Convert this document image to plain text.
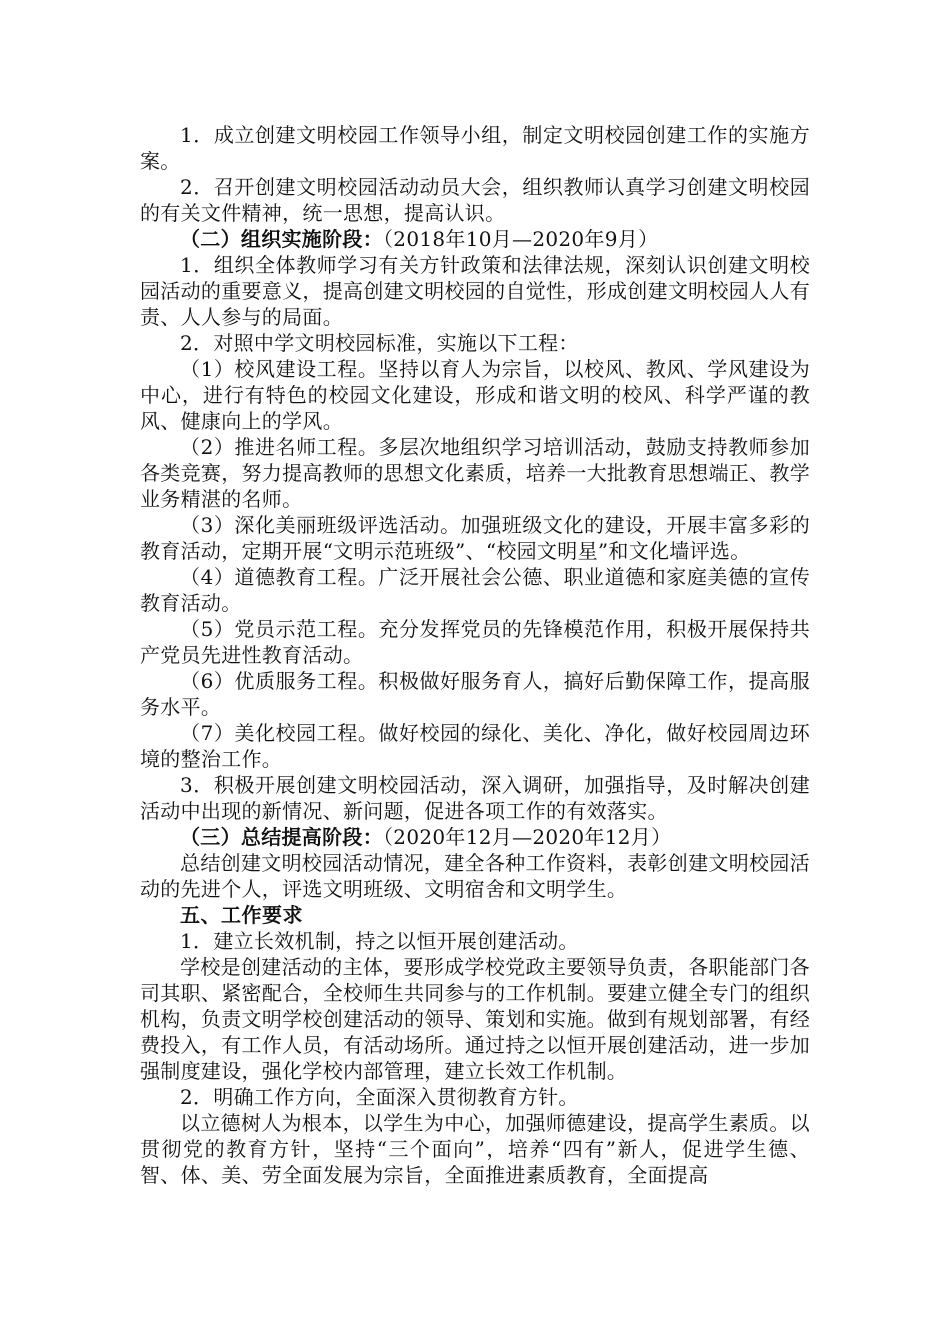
1．成立创建文明校园工作领导小组，制定文明校园创建工作的实施方案。

2．召开创建文明校园活动动员大会，组织教师认真学习创建文明校园的有关文件精神，统一思想，提高认识。

（二）组织实施阶段：（2018年10月—2020年9月）

1．组织全体教师学习有关方针政策和法律法规，深刻认识创建文明校园活动的重要意义，提高创建文明校园的自觉性，形成创建文明校园人人有责、人人参与的局面。

2．对照中学文明校园标准，实施以下工程：

（1）校风建设工程。坚持以育人为宗旨，以校风、教风、学风建设为中心，进行有特色的校园文化建设，形成和谐文明的校风、科学严谨的教风、健康向上的学风。

（2）推进名师工程。多层次地组织学习培训活动，鼓励支持教师参加各类竞赛，努力提高教师的思想文化素质，培养一大批教育思想端正、教学业务精湛的名师。

（3）深化美丽班级评选活动。加强班级文化的建设，开展丰富多彩的教育活动，定期开展“文明示范班级”、“校园文明星”和文化墙评选。

（4）道德教育工程。广泛开展社会公德、职业道德和家庭美德的宣传教育活动。

（5）党员示范工程。充分发挥党员的先锋模范作用，积极开展保持共产党员先进性教育活动。

（6）优质服务工程。积极做好服务育人，搞好后勤保障工作，提高服务水平。

（7）美化校园工程。做好校园的绿化、美化、净化，做好校园周边环境的整治工作。

3．积极开展创建文明校园活动，深入调研，加强指导，及时解决创建活动中出现的新情况、新问题，促进各项工作的有效落实。

（三）总结提高阶段：（2020年12月—2020年12月）

总结创建文明校园活动情况，建全各种工作资料，表彰创建文明校园活动的先进个人，评选文明班级、文明宿舍和文明学生。

五、工作要求

1．建立长效机制，持之以恒开展创建活动。

学校是创建活动的主体，要形成学校党政主要领导负责，各职能部门各司其职、紧密配合，全校师生共同参与的工作机制。要建立健全专门的组织机构，负责文明学校创建活动的领导、策划和实施。做到有规划部署，有经费投入，有工作人员，有活动场所。通过持之以恒开展创建活动，进一步加强制度建设，强化学校内部管理，建立长效工作机制。

2．明确工作方向，全面深入贯彻教育方针。

以立德树人为根本，以学生为中心，加强师德建设，提高学生素质。以贯彻党的教育方针，坚持“三个面向”，培养“四有”新人，促进学生德、智、体、美、劳全面发展为宗旨，全面推进素质教育，全面提高
